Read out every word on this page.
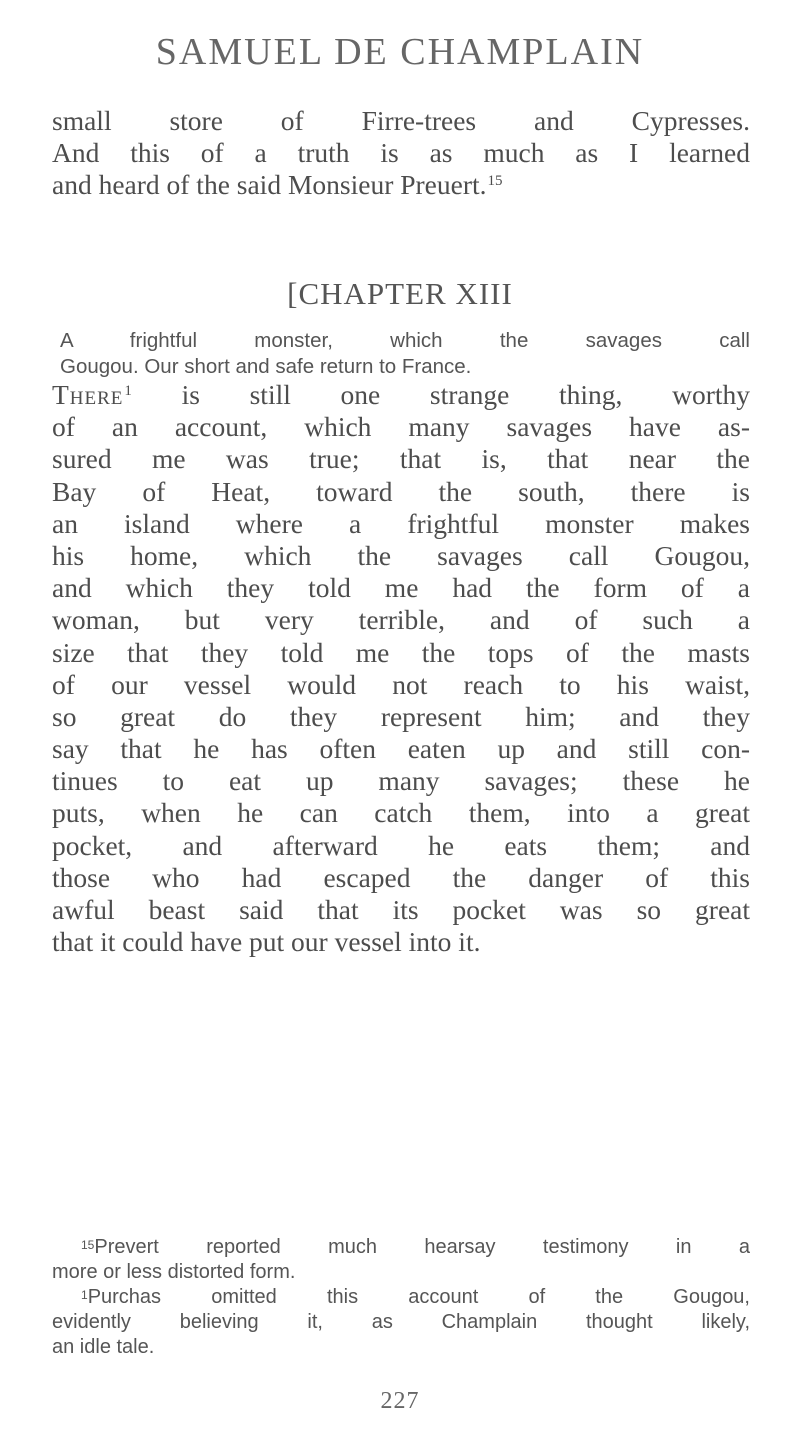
SAMUEL DE CHAMPLAIN
small store of Firre-trees and Cypresses.
And this of a truth is as much as I learned
and heard of the said Monsieur Preuert.$^{15}$
[CHAPTER XIII
A frightful monster, which the savages call
Gougou. Our short and safe return to France.
There$^1$ is still one strange thing, worthy
of an account, which many savages have as-
sured me was true; that is, that near the
Bay of Heat, toward the south, there is
an island where a frightful monster makes
his home, which the savages call Gougou,
and which they told me had the form of a
woman, but very terrible, and of such a
size that they told me the tops of the masts
of our vessel would not reach to his waist,
so great do they represent him; and they
say that he has often eaten up and still con-
tinues to eat up many savages; these he
puts, when he can catch them, into a great
pocket, and afterward he eats them; and
those who had escaped the danger of this
awful beast said that its pocket was so great
that it could have put our vessel into it.
$^{15}$Prevert reported much hearsay testimony in a
more or less distorted form.
$^1$Purchas omitted this account of the Gougou,
evidently believing it, as Champlain thought likely,
an idle tale.
227
